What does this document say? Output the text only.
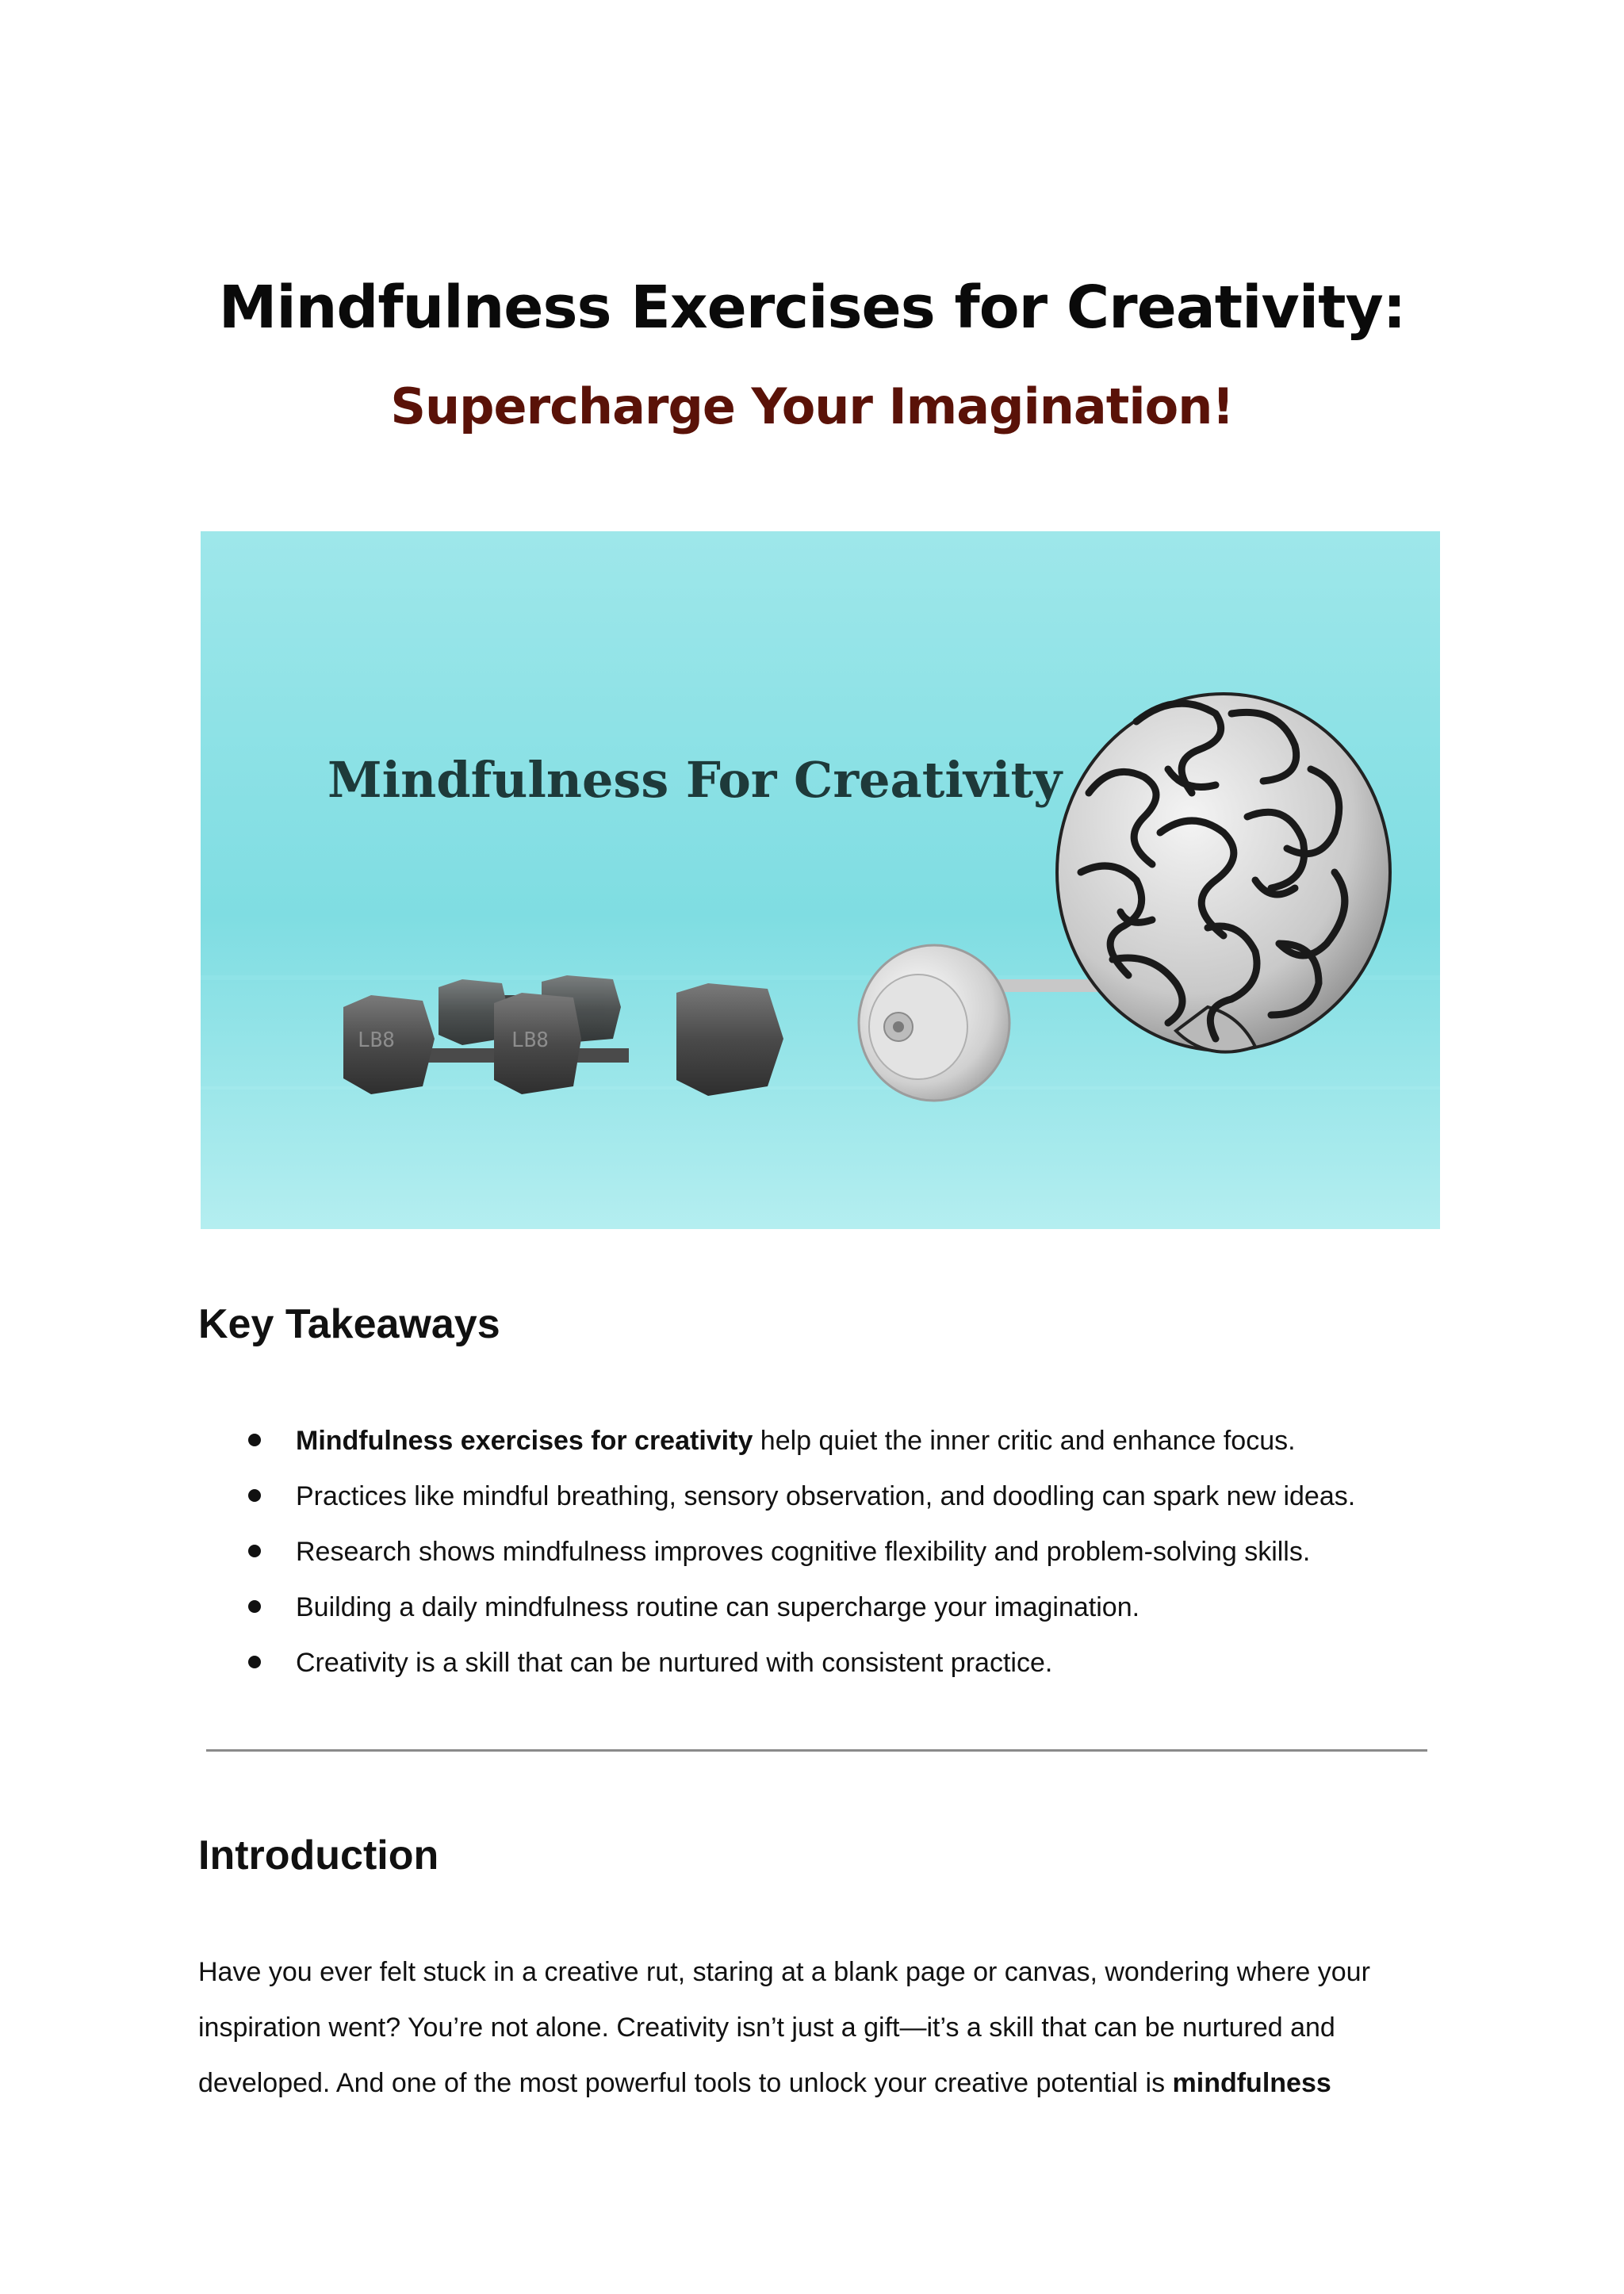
Mindfulness Exercises for Creativity:
Supercharge Your Imagination!
Mindfulness For Creativity
LB8	LB8
Key Takeaways
Mindfulness exercises for creativity help quiet the inner critic and enhance focus.
Practices like mindful breathing, sensory observation, and doodling can spark new ideas.
Research shows mindfulness improves cognitive flexibility and problem-solving skills.
Building a daily mindfulness routine can supercharge your imagination.
Creativity is a skill that can be nurtured with consistent practice.
Introduction

Have you ever felt stuck in a creative rut, staring at a blank page or canvas, wondering where your
inspiration went? You’re not alone. Creativity isn’t just a gift—it’s a skill that can be nurtured and
developed. And one of the most powerful tools to unlock your creative potential is mindfulness
